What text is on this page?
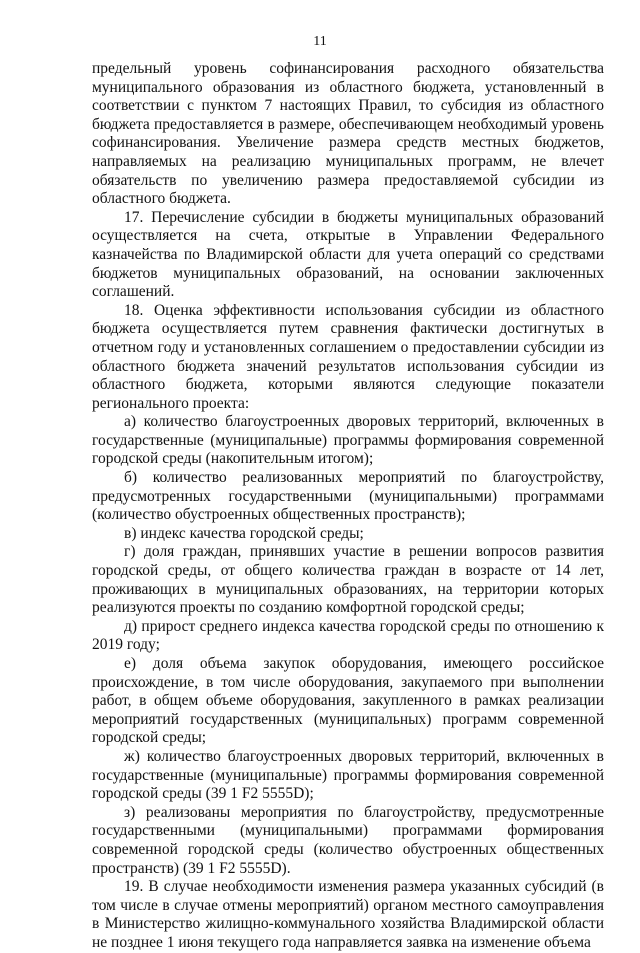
11

предельный уровень софинансирования расходного обязательства муниципального образования из областного бюджета, установленный в соответствии с пунктом 7 настоящих Правил, то субсидия из областного бюджета предоставляется в размере, обеспечивающем необходимый уровень софинансирования. Увеличение размера средств местных бюджетов, направляемых на реализацию муниципальных программ, не влечет обязательств по увеличению размера предоставляемой субсидии из областного бюджета.

17. Перечисление субсидии в бюджеты муниципальных образований осуществляется на счета, открытые в Управлении Федерального казначейства по Владимирской области для учета операций со средствами бюджетов муниципальных образований, на основании заключенных соглашений.

18. Оценка эффективности использования субсидии из областного бюджета осуществляется путем сравнения фактически достигнутых в отчетном году и установленных соглашением о предоставлении субсидии из областного бюджета значений результатов использования субсидии из областного бюджета, которыми являются следующие показатели регионального проекта:

а) количество благоустроенных дворовых территорий, включенных в государственные (муниципальные) программы формирования современной городской среды (накопительным итогом);

б) количество реализованных мероприятий по благоустройству, предусмотренных государственными (муниципальными) программами (количество обустроенных общественных пространств);

в) индекс качества городской среды;

г) доля граждан, принявших участие в решении вопросов развития городской среды, от общего количества граждан в возрасте от 14 лет, проживающих в муниципальных образованиях, на территории которых реализуются проекты по созданию комфортной городской среды;

д) прирост среднего индекса качества городской среды по отношению к 2019 году;

е) доля объема закупок оборудования, имеющего российское происхождение, в том числе оборудования, закупаемого при выполнении работ, в общем объеме оборудования, закупленного в рамках реализации мероприятий государственных (муниципальных) программ современной городской среды;

ж) количество благоустроенных дворовых территорий, включенных в государственные (муниципальные) программы формирования современной городской среды (39 1 F2 5555D);

з) реализованы мероприятия по благоустройству, предусмотренные государственными (муниципальными) программами формирования современной городской среды (количество обустроенных общественных пространств) (39 1 F2 5555D).

19. В случае необходимости изменения размера указанных субсидий (в том числе в случае отмены мероприятий) органом местного самоуправления в Министерство жилищно-коммунального хозяйства Владимирской области не позднее 1 июня текущего года направляется заявка на изменение объема
